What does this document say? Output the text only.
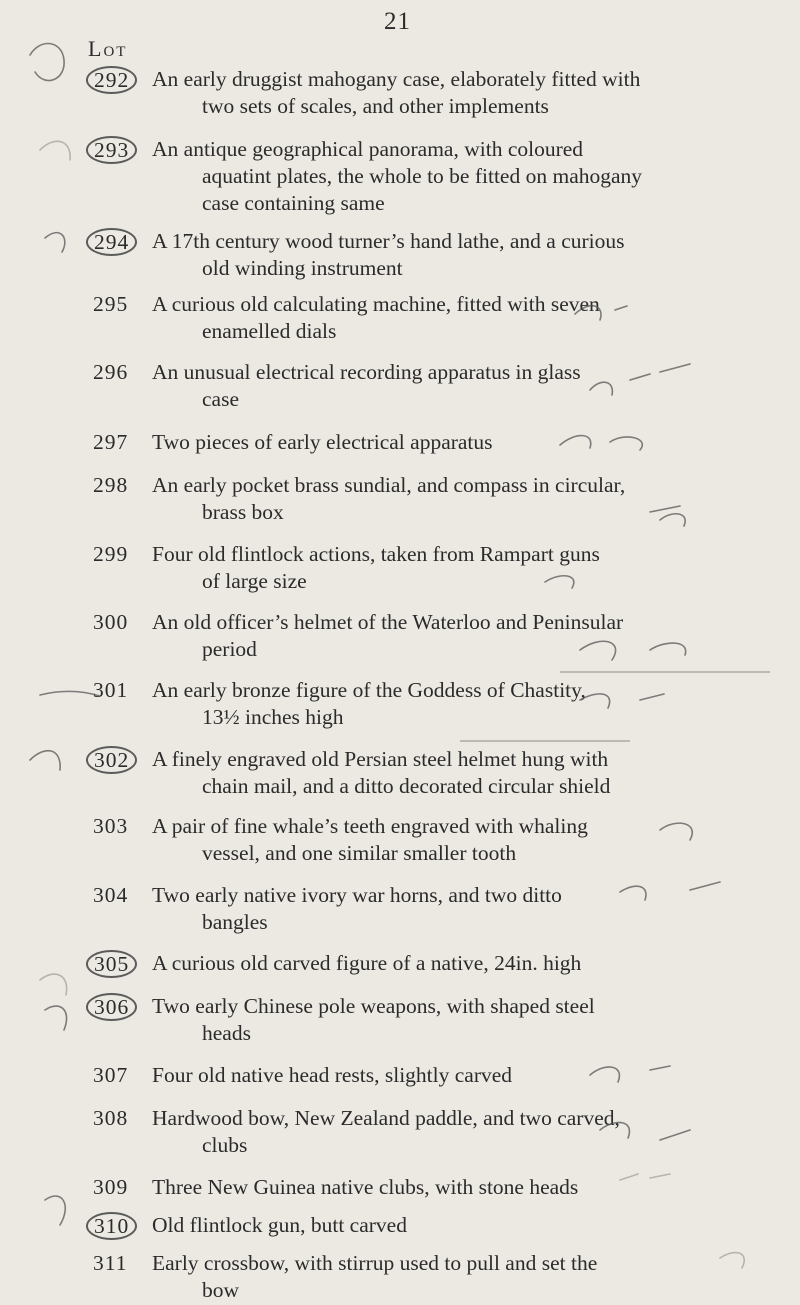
21
Lot
292	An early druggist mahogany case, elaborately fitted with
two sets of scales, and other implements
293	An antique geographical panorama, with coloured
aquatint plates, the whole to be fitted on mahogany
case containing same
294	A 17th century wood turner’s hand lathe, and a curious
old winding instrument
295	A curious old calculating machine, fitted with seven
enamelled dials
296	An unusual electrical recording apparatus in glass
case
297	Two pieces of early electrical apparatus
298	An early pocket brass sundial, and compass in circular,
brass box
299	Four old flintlock actions, taken from Rampart guns
of large size
300	An old officer’s helmet of the Waterloo and Peninsular
period
301	An early bronze figure of the Goddess of Chastity,
13½ inches high
302	A finely engraved old Persian steel helmet hung with
chain mail, and a ditto decorated circular shield
303	A pair of fine whale’s teeth engraved with whaling
vessel, and one similar smaller tooth
304	Two early native ivory war horns, and two ditto
bangles
305	A curious old carved figure of a native, 24in. high
306	Two early Chinese pole weapons, with shaped steel
heads
307	Four old native head rests, slightly carved
308	Hardwood bow, New Zealand paddle, and two carved,
clubs
309	Three New Guinea native clubs, with stone heads
310	Old flintlock gun, butt carved
311	Early crossbow, with stirrup used to pull and set the
bow
